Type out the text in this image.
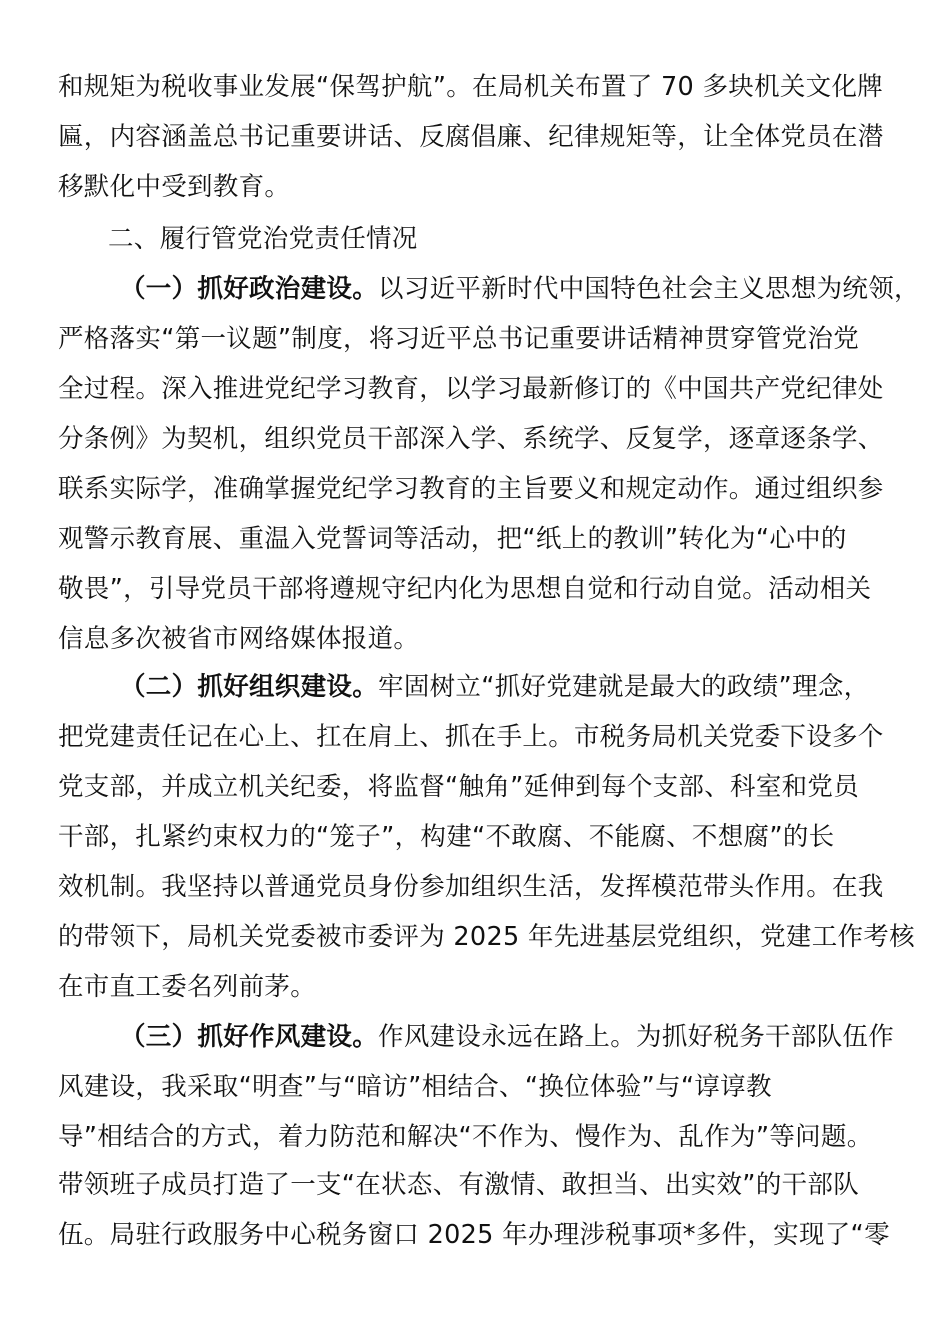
和规矩为税收事业发展“保驾护航”。在局机关布置了 70 多块机关文化牌
匾，内容涵盖总书记重要讲话、反腐倡廉、纪律规矩等，让全体党员在潜
移默化中受到教育。
二、履行管党治党责任情况
（一）抓好政治建设。以习近平新时代中国特色社会主义思想为统领，
严格落实“第一议题”制度，将习近平总书记重要讲话精神贯穿管党治党
全过程。深入推进党纪学习教育，以学习最新修订的《中国共产党纪律处
分条例》为契机，组织党员干部深入学、系统学、反复学，逐章逐条学、
联系实际学，准确掌握党纪学习教育的主旨要义和规定动作。通过组织参
观警示教育展、重温入党誓词等活动，把“纸上的教训”转化为“心中的
敬畏”，引导党员干部将遵规守纪内化为思想自觉和行动自觉。活动相关
信息多次被省市网络媒体报道。
（二）抓好组织建设。牢固树立“抓好党建就是最大的政绩”理念，
把党建责任记在心上、扛在肩上、抓在手上。市税务局机关党委下设多个
党支部，并成立机关纪委，将监督“触角”延伸到每个支部、科室和党员
干部，扎紧约束权力的“笼子”，构建“不敢腐、不能腐、不想腐”的长
效机制。我坚持以普通党员身份参加组织生活，发挥模范带头作用。在我
的带领下，局机关党委被市委评为 2025 年先进基层党组织，党建工作考核
在市直工委名列前茅。
（三）抓好作风建设。作风建设永远在路上。为抓好税务干部队伍作
风建设，我采取“明查”与“暗访”相结合、“换位体验”与“谆谆教
导”相结合的方式，着力防范和解决“不作为、慢作为、乱作为”等问题。
带领班子成员打造了一支“在状态、有激情、敢担当、出实效”的干部队
伍。局驻行政服务中心税务窗口 2025 年办理涉税事项*多件，实现了“零
